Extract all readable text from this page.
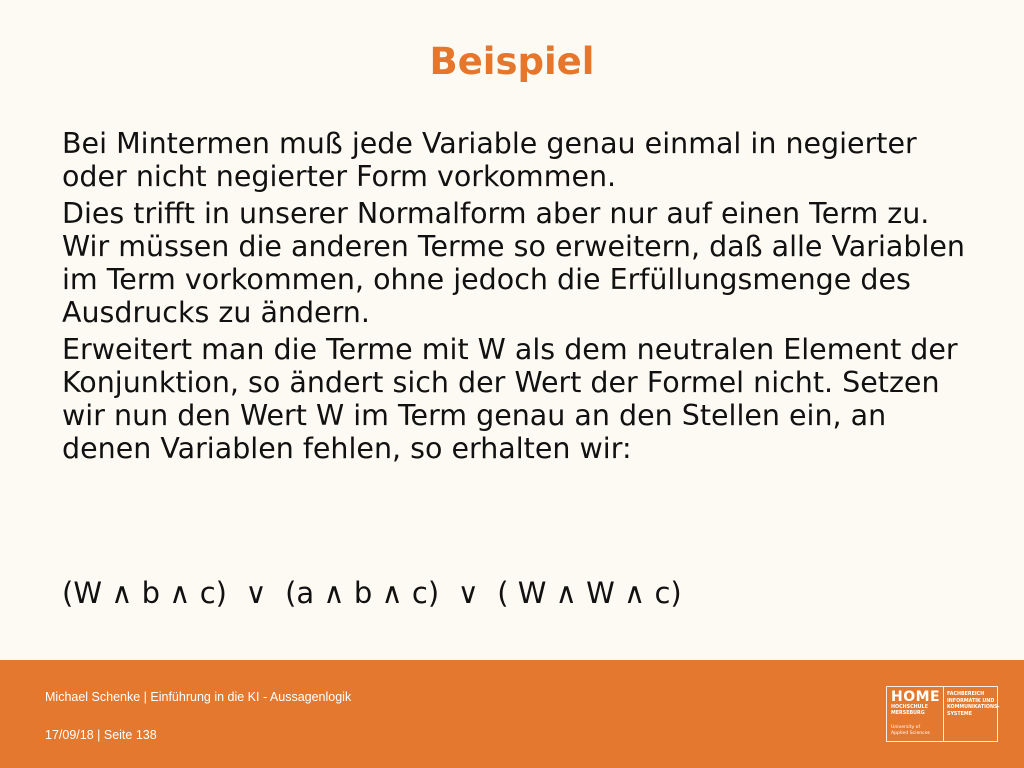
Beispiel

Bei Mintermen muß jede Variable genau einmal in negierter oder nicht negierter Form vorkommen.

Dies trifft in unserer Normalform aber nur auf einen Term zu. Wir müssen die anderen Terme so erweitern, daß alle Variablen im Term vorkommen, ohne jedoch die Erfüllungsmenge des Ausdrucks zu ändern.

Erweitert man die Terme mit W als dem neutralen Element der Konjunktion, so ändert sich der Wert der Formel nicht. Setzen wir nun den Wert W im Term genau an den Stellen ein, an denen Variablen fehlen, so erhalten wir:

(W ∧ b ∧ c)  ∨  (a ∧ b ∧ c)  ∨  ( W ∧ W ∧ c)
Michael Schenke | Einführung in die KI - Aussagenlogik
17/09/18 | Seite 138
HOME
HOCHSCHULE
MERSEBURG
University of
Applied Sciences
FACHBEREICH
INFORMATIK UND
KOMMUNIKATIONS-
SYSTEME
